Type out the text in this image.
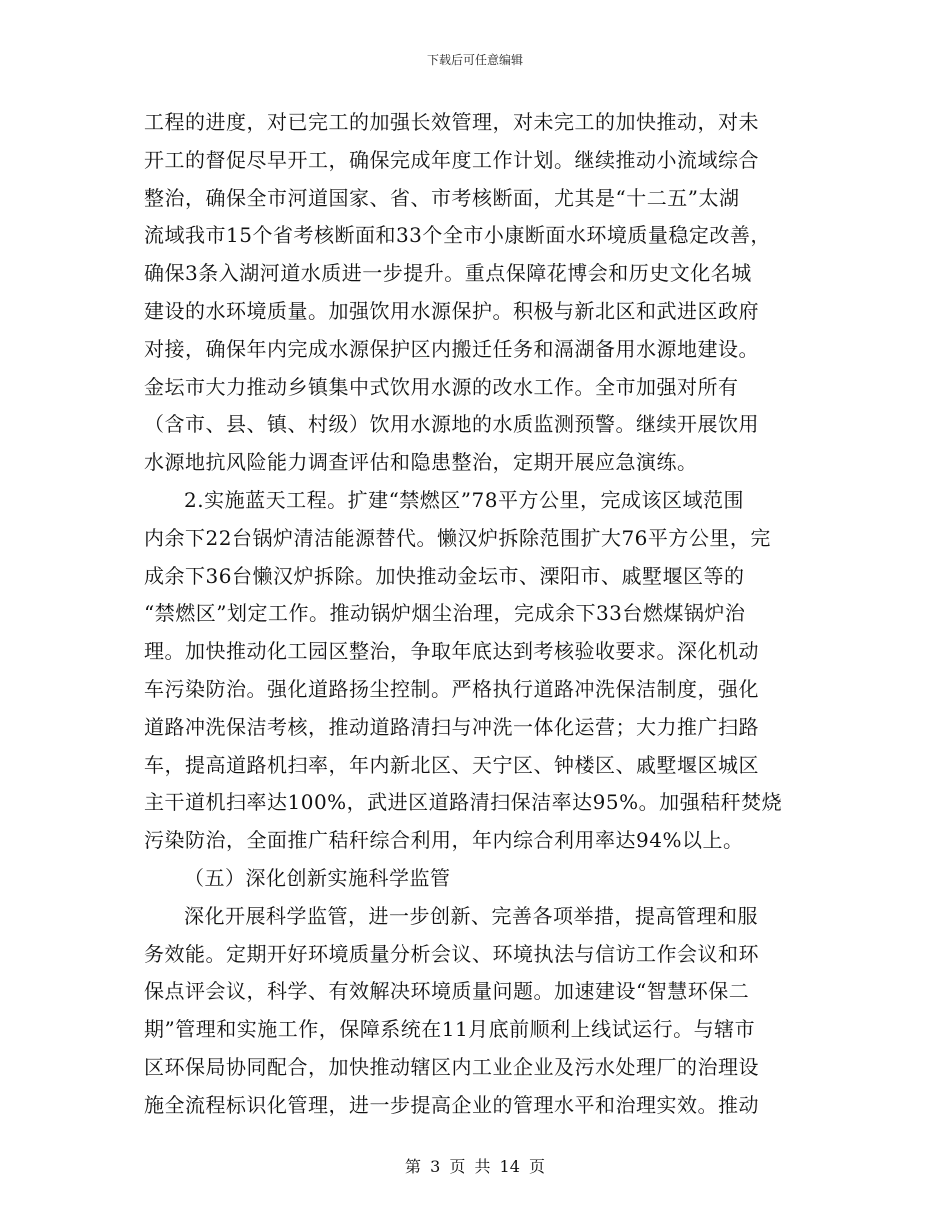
下载后可任意编辑
工程的进度，对已完工的加强长效管理，对未完工的加快推动，对未
开工的督促尽早开工，确保完成年度工作计划。继续推动小流域综合
整治，确保全市河道国家、省、市考核断面，尤其是“十二五”太湖
流域我市15个省考核断面和33个全市小康断面水环境质量稳定改善，
确保3条入湖河道水质进一步提升。重点保障花博会和历史文化名城
建设的水环境质量。加强饮用水源保护。积极与新北区和武进区政府
对接，确保年内完成水源保护区内搬迁任务和滆湖备用水源地建设。
金坛市大力推动乡镇集中式饮用水源的改水工作。全市加强对所有
（含市、县、镇、村级）饮用水源地的水质监测预警。继续开展饮用
水源地抗风险能力调查评估和隐患整治，定期开展应急演练。
2.实施蓝天工程。扩建“禁燃区”78平方公里，完成该区域范围
内余下22台锅炉清洁能源替代。懒汉炉拆除范围扩大76平方公里，完
成余下36台懒汉炉拆除。加快推动金坛市、溧阳市、戚墅堰区等的
“禁燃区”划定工作。推动锅炉烟尘治理，完成余下33台燃煤锅炉治
理。加快推动化工园区整治，争取年底达到考核验收要求。深化机动
车污染防治。强化道路扬尘控制。严格执行道路冲洗保洁制度，强化
道路冲洗保洁考核，推动道路清扫与冲洗一体化运营；大力推广扫路
车，提高道路机扫率，年内新北区、天宁区、钟楼区、戚墅堰区城区
主干道机扫率达100%，武进区道路清扫保洁率达95%。加强秸秆焚烧
污染防治，全面推广秸秆综合利用，年内综合利用率达94%以上。
（五）深化创新实施科学监管
深化开展科学监管，进一步创新、完善各项举措，提高管理和服
务效能。定期开好环境质量分析会议、环境执法与信访工作会议和环
保点评会议，科学、有效解决环境质量问题。加速建设“智慧环保二
期”管理和实施工作，保障系统在11月底前顺利上线试运行。与辖市
区环保局协同配合，加快推动辖区内工业企业及污水处理厂的治理设
施全流程标识化管理，进一步提高企业的管理水平和治理实效。推动
第 3 页 共 14 页
